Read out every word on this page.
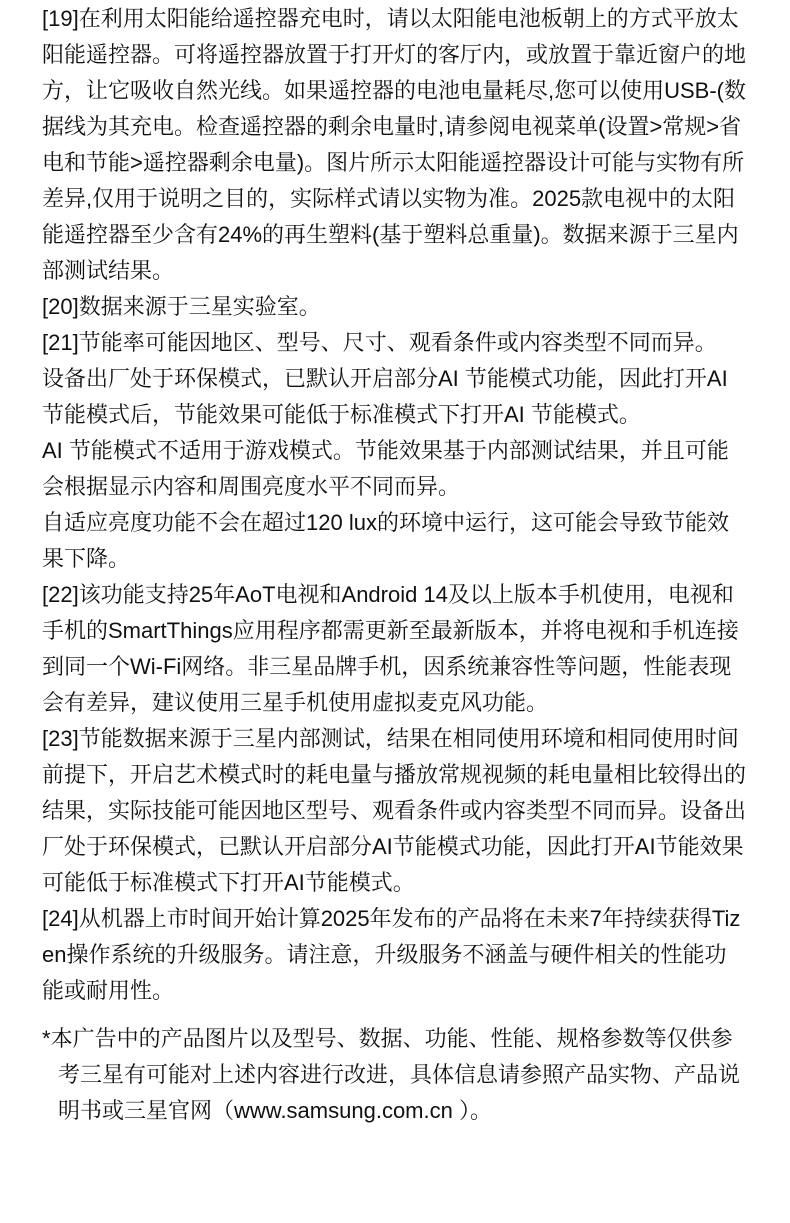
[19]在利用太阳能给遥控器充电时，请以太阳能电池板朝上的方式平放太阳能遥控器。可将遥控器放置于打开灯的客厅内，或放置于靠近窗户的地方，让它吸收自然光线。如果遥控器的电池电量耗尽,您可以使用USB-(数据线为其充电。检查遥控器的剩余电量时,请参阅电视菜单(设置>常规>省电和节能>遥控器剩余电量)。图片所示太阳能遥控器设计可能与实物有所差异,仅用于说明之目的，实际样式请以实物为准。2025款电视中的太阳能遥控器至少含有24%的再生塑料(基于塑料总重量)。数据来源于三星内部测试结果。

[20]数据来源于三星实验室。

[21]节能率可能因地区、型号、尺寸、观看条件或内容类型不同而异。

设备出厂处于环保模式，已默认开启部分AI 节能模式功能，因此打开AI 节能模式后，节能效果可能低于标准模式下打开AI 节能模式。

AI 节能模式不适用于游戏模式。节能效果基于内部测试结果，并且可能会根据显示内容和周围亮度水平不同而异。

自适应亮度功能不会在超过120 lux的环境中运行，这可能会导致节能效果下降。

[22]该功能支持25年AoT电视和Android 14及以上版本手机使用，电视和手机的SmartThings应用程序都需更新至最新版本，并将电视和手机连接到同一个Wi-Fi网络。非三星品牌手机，因系统兼容性等问题，性能表现会有差异，建议使用三星手机使用虚拟麦克风功能。

[23]节能数据来源于三星内部测试，结果在相同使用环境和相同使用时间前提下，开启艺术模式时的耗电量与播放常规视频的耗电量相比较得出的结果，实际技能可能因地区型号、观看条件或内容类型不同而异。设备出厂处于环保模式，已默认开启部分AI节能模式功能，因此打开AI节能效果可能低于标准模式下打开AI节能模式。

[24]从机器上市时间开始计算2025年发布的产品将在未来7年持续获得Tizen操作系统的升级服务。请注意，升级服务不涵盖与硬件相关的性能功能或耐用性。

*本广告中的产品图片以及型号、数据、功能、性能、规格参数等仅供参考三星有可能对上述内容进行改进，具体信息请参照产品实物、产品说明书或三星官网（www.samsung.com.cn ）。
